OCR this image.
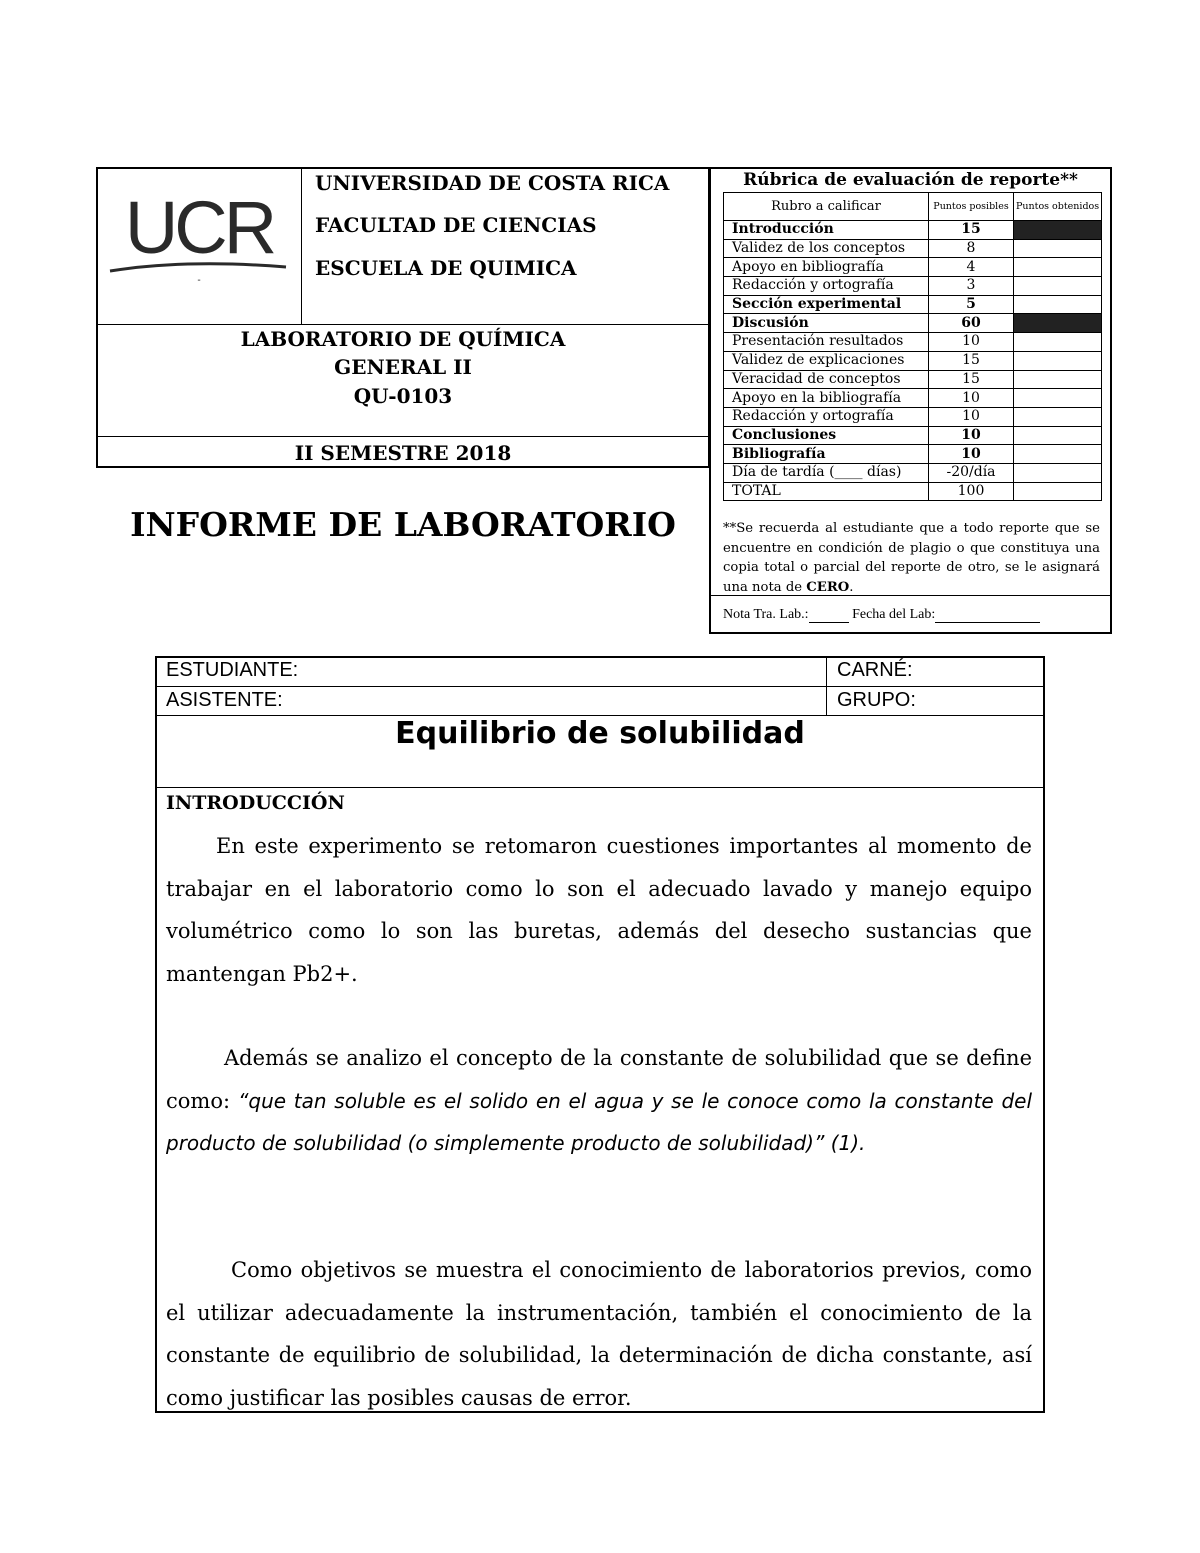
UCR
-
UNIVERSIDAD DE COSTA RICA
FACULTAD DE CIENCIAS
ESCUELA DE QUIMICA
LABORATORIO DE QUÍMICA
GENERAL II
QU-0103
II SEMESTRE 2018
INFORME DE LABORATORIO
Rúbrica de evaluación de reporte**
Rubro a calificar	Puntos posibles	Puntos obtenidos
Introducción	15	
Validez de los conceptos	8	
Apoyo en bibliografía	4	
Redacción y ortografía	3	
Sección experimental	5	
Discusión	60	
Presentación resultados	10	
Validez de explicaciones	15	
Veracidad de conceptos	15	
Apoyo en la bibliografía	10	
Redacción y ortografía	10	
Conclusiones	10	
Bibliografía	10	
Día de tardía (____ días)	-20/día	
TOTAL	100	
**Se recuerda al estudiante que a todo reporte que se encuentre en condición de plagio o que constituya una copia total o parcial del reporte de otro, se le asignará una nota de CERO.
Nota Tra. Lab.:	Fecha del Lab:
ESTUDIANTE:	CARNÉ:
ASISTENTE:	GRUPO:
Equilibrio de solubilidad
INTRODUCCIÓN
En este experimento se retomaron cuestiones importantes al momento de trabajar en el laboratorio como lo son el adecuado lavado y manejo equipo volumétrico como lo son las buretas, además del desecho sustancias que mantengan Pb2+.
Además se analizo el concepto de la constante de solubilidad que se define como: “que tan soluble es el solido en el agua y se le conoce como la constante del producto de solubilidad (o simplemente producto de solubilidad)” (1).
Como objetivos se muestra el conocimiento de laboratorios previos, como el utilizar adecuadamente la instrumentación, también el conocimiento de la constante de equilibrio de solubilidad, la determinación de dicha constante, así como justificar las posibles causas de error.
